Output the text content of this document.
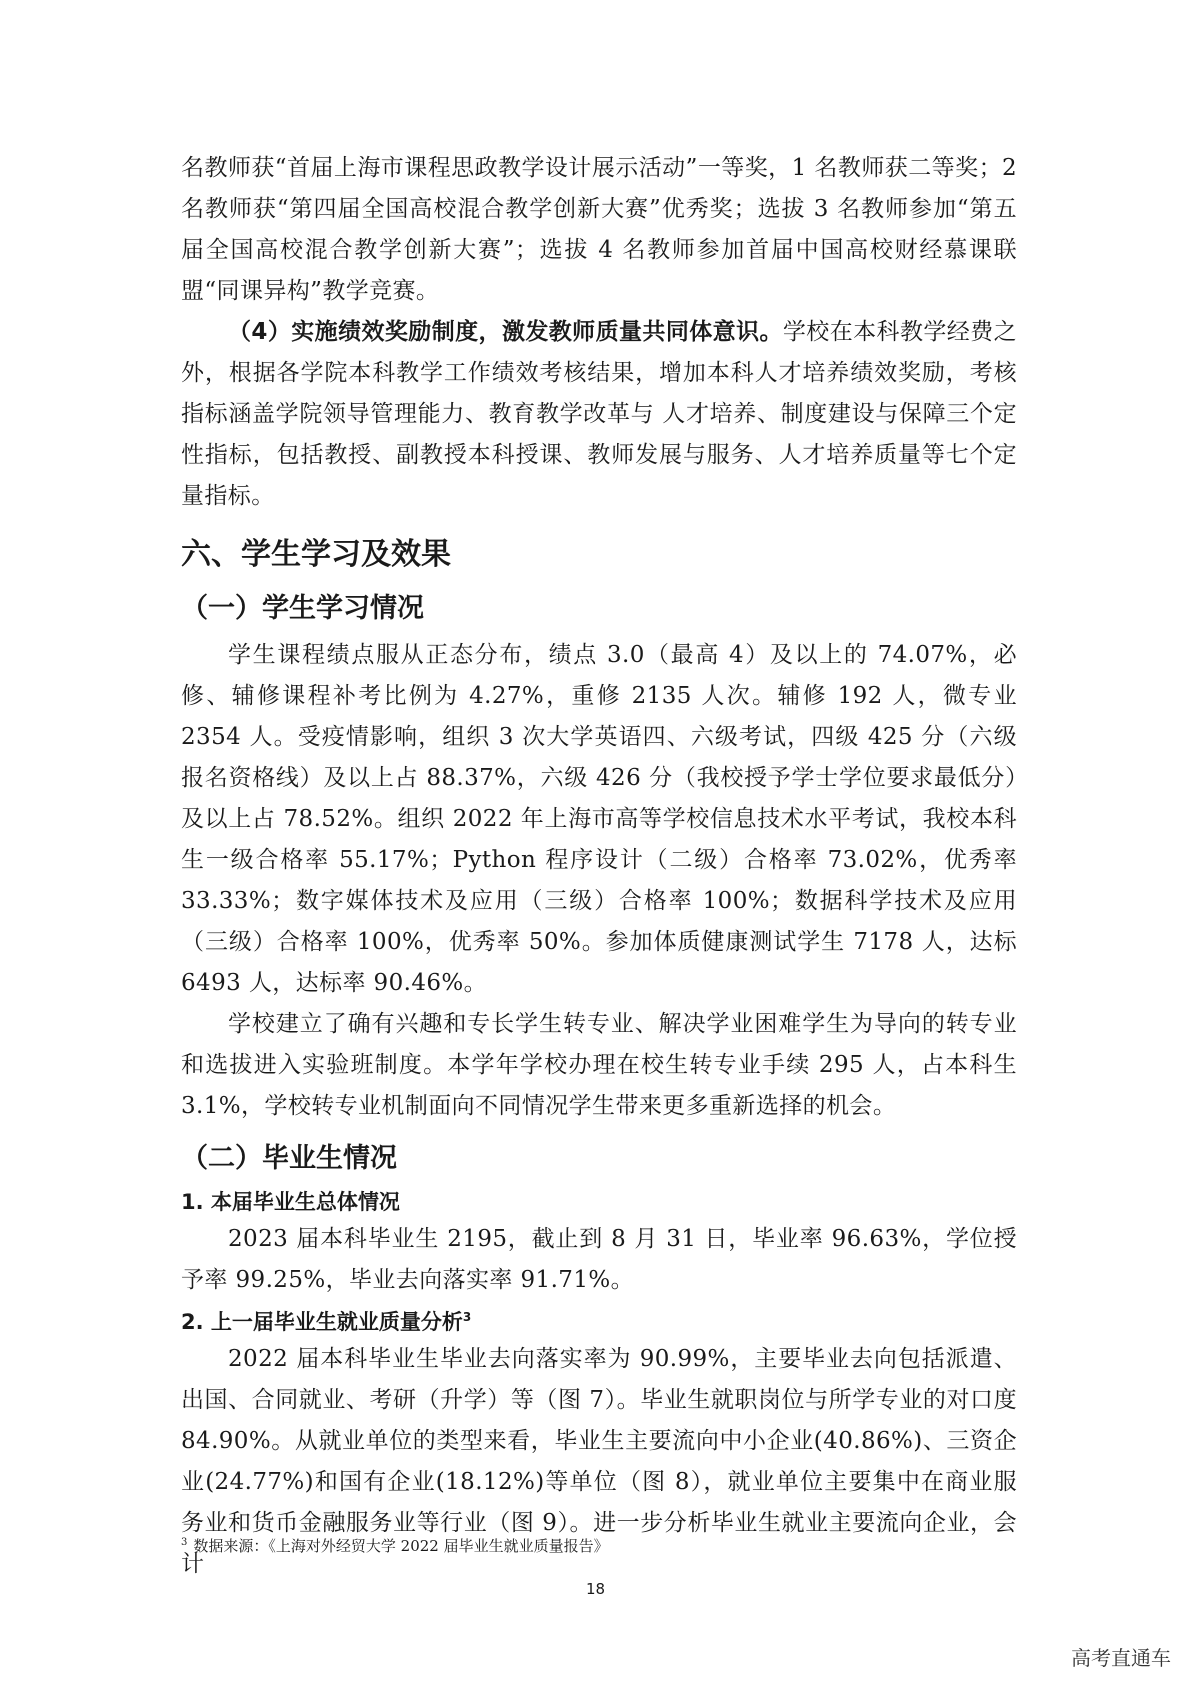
名教师获“首届上海市课程思政教学设计展示活动”一等奖，1 名教师获二等奖；2 名教师获“第四届全国高校混合教学创新大赛”优秀奖；选拔 3 名教师参加“第五届全国高校混合教学创新大赛”；选拔 4 名教师参加首届中国高校财经慕课联盟“同课异构”教学竞赛。

（4）实施绩效奖励制度，激发教师质量共同体意识。学校在本科教学经费之外，根据各学院本科教学工作绩效考核结果，增加本科人才培养绩效奖励，考核指标涵盖学院领导管理能力、教育教学改革与 人才培养、制度建设与保障三个定性指标，包括教授、副教授本科授课、教师发展与服务、人才培养质量等七个定量指标。

六、学生学习及效果
（一）学生学习情况

学生课程绩点服从正态分布，绩点 3.0（最高 4）及以上的 74.07%，必修、辅修课程补考比例为 4.27%，重修 2135 人次。辅修 192 人，微专业 2354 人。受疫情影响，组织 3 次大学英语四、六级考试，四级 425 分（六级报名资格线）及以上占 88.37%，六级 426 分（我校授予学士学位要求最低分）及以上占 78.52%。组织 2022 年上海市高等学校信息技术水平考试，我校本科生一级合格率 55.17%；Python 程序设计（二级）合格率 73.02%，优秀率 33.33%；数字媒体技术及应用（三级）合格率 100%；数据科学技术及应用（三级）合格率 100%，优秀率 50%。参加体质健康测试学生 7178 人，达标 6493 人，达标率 90.46%。

学校建立了确有兴趣和专长学生转专业、解决学业困难学生为导向的转专业和选拔进入实验班制度。本学年学校办理在校生转专业手续 295 人，占本科生 3.1%，学校转专业机制面向不同情况学生带来更多重新选择的机会。

（二）毕业生情况
1. 本届毕业生总体情况

2023 届本科毕业生 2195，截止到 8 月 31 日，毕业率 96.63%，学位授予率 99.25%，毕业去向落实率 91.71%。

2. 上一届毕业生就业质量分析$^3$

2022 届本科毕业生毕业去向落实率为 90.99%，主要毕业去向包括派遣、出国、合同就业、考研（升学）等（图 7）。毕业生就职岗位与所学专业的对口度 84.90%。从就业单位的类型来看，毕业生主要流向中小企业(40.86%)、三资企业(24.77%)和国有企业(18.12%)等单位（图 8），就业单位主要集中在商业服务业和货币金融服务业等行业（图 9）。进一步分析毕业生就业主要流向企业，会计

$^3$ 数据来源：《上海对外经贸大学 2022 届毕业生就业质量报告》
18
高考直通车
